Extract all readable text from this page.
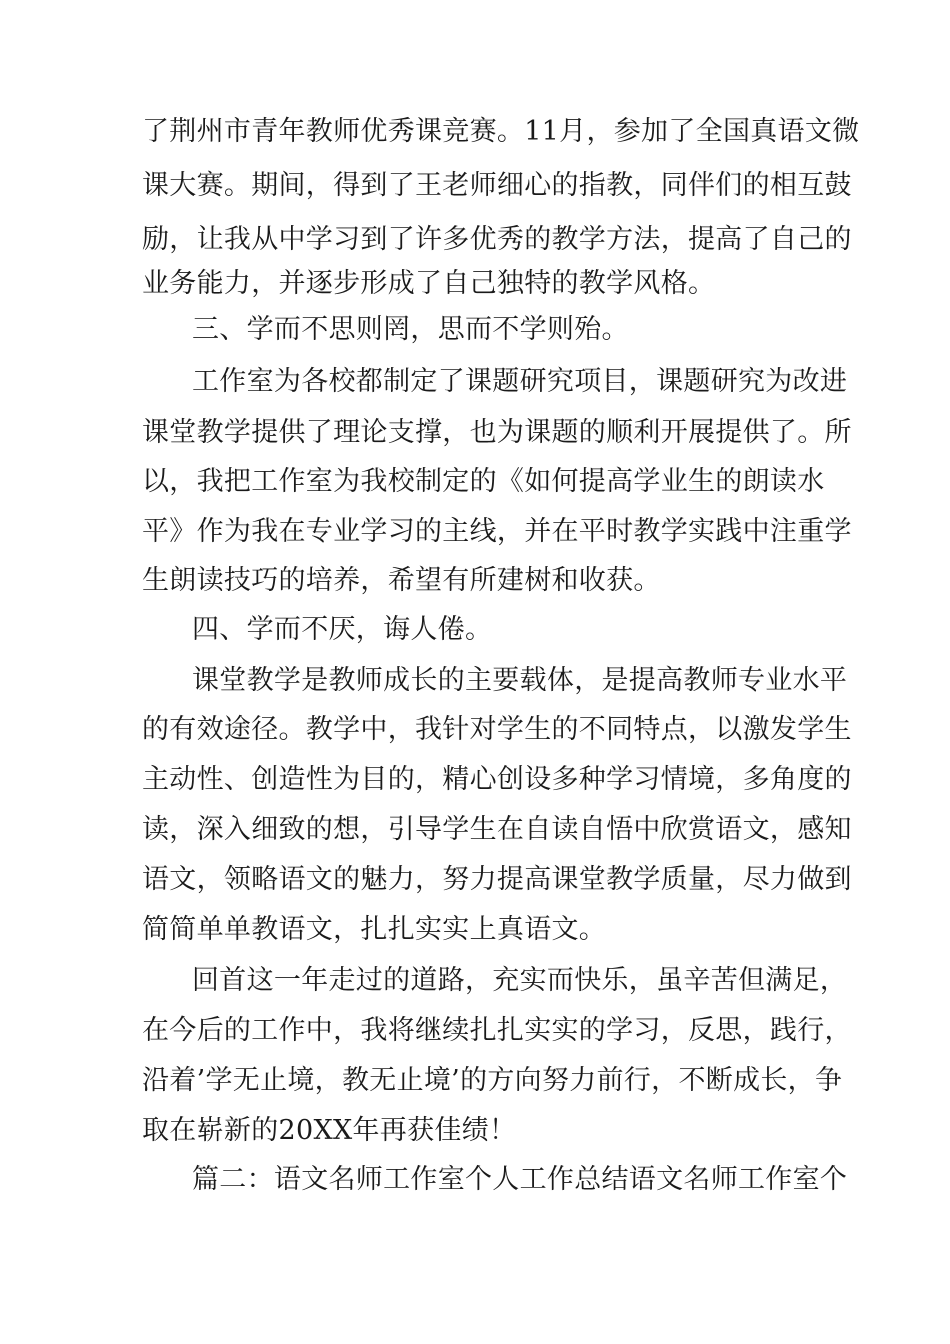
了荆州市青年教师优秀课竞赛。11月，参加了全国真语文微
课大赛。期间，得到了王老师细心的指教，同伴们的相互鼓
励，让我从中学习到了许多优秀的教学方法，提高了自己的
业务能力，并逐步形成了自己独特的教学风格。
三、学而不思则罔，思而不学则殆。
工作室为各校都制定了课题研究项目，课题研究为改进
课堂教学提供了理论支撑，也为课题的顺利开展提供了。所
以，我把工作室为我校制定的《如何提高学业生的朗读水
平》作为我在专业学习的主线，并在平时教学实践中注重学
生朗读技巧的培养，希望有所建树和收获。
四、学而不厌，诲人倦。
课堂教学是教师成长的主要载体，是提高教师专业水平
的有效途径。教学中，我针对学生的不同特点，以激发学生
主动性、创造性为目的，精心创设多种学习情境，多角度的
读，深入细致的想，引导学生在自读自悟中欣赏语文，感知
语文，领略语文的魅力，努力提高课堂教学质量，尽力做到
简简单单教语文，扎扎实实上真语文。
回首这一年走过的道路，充实而快乐，虽辛苦但满足，
在今后的工作中，我将继续扎扎实实的学习，反思，践行，
沿着’学无止境，教无止境’的方向努力前行，不断成长，争
取在崭新的20XX年再获佳绩！
篇二：语文名师工作室个人工作总结语文名师工作室个
